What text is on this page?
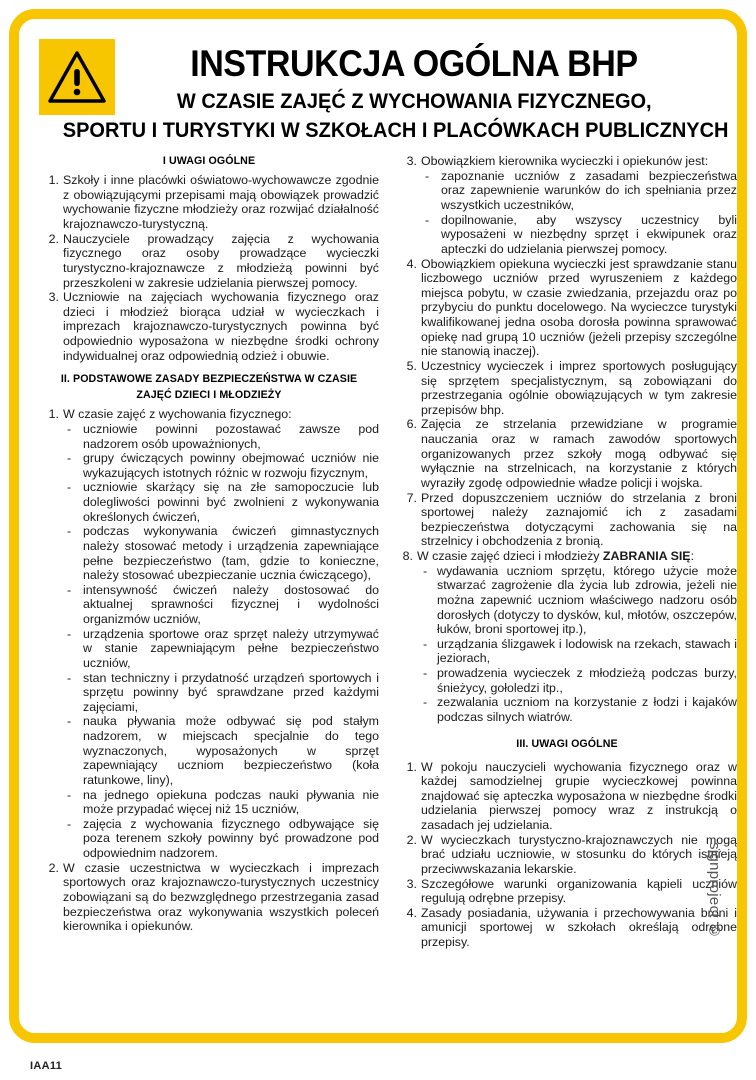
INSTRUKCJA OGÓLNA BHP
W CZASIE ZAJĘĆ Z WYCHOWANIA FIZYCZNEGO,
SPORTU I TURYSTYKI W SZKOŁACH I PLACÓWKACH PUBLICZNYCH
I UWAGI OGÓLNE
Szkoły i inne placówki oświatowo-wychowawcze zgodnie z obowiązującymi przepisami mają obowiązek prowadzić wychowanie fizyczne młodzieży oraz rozwijać działalność krajoznawczo-turystyczną.
Nauczyciele prowadzący zajęcia z wychowania fizycznego oraz osoby prowadzące wycieczki turystyczno-krajoznawcze z młodzieżą powinni być przeszkoleni w zakresie udzielania pierwszej pomocy.
Uczniowie na zajęciach wychowania fizycznego oraz dzieci i młodzież biorąca udział w wycieczkach i imprezach krajoznawczo-turystycznych powinna być odpowiednio wyposażona w niezbędne środki ochrony indywidualnej oraz odpowiednią odzież i obuwie.
II. PODSTAWOWE ZASADY BEZPIECZEŃSTWA W CZASIE
ZAJĘĆ DZIECI I MŁODZIEŻY
W czasie zajęć z wychowania fizycznego:
- uczniowie powinni pozostawać zawsze pod nadzorem osób upoważnionych,
- grupy ćwiczących powinny obejmować uczniów nie wykazujących istotnych różnic w rozwoju fizycznym,
- uczniowie skarżący się na złe samopoczucie lub dolegliwości powinni być zwolnieni z wykonywania określonych ćwiczeń,
- podczas wykonywania ćwiczeń gimnastycznych należy stosować metody i urządzenia zapewniające pełne bezpieczeństwo (tam, gdzie to konieczne, należy stosować ubezpieczanie ucznia ćwiczącego),
- intensywność ćwiczeń należy dostosować do aktualnej sprawności fizycznej i wydolności organizmów uczniów,
- urządzenia sportowe oraz sprzęt należy utrzymywać w stanie zapewniającym pełne bezpieczeństwo uczniów,
- stan techniczny i przydatność urządzeń sportowych i sprzętu powinny być sprawdzane przed każdymi zajęciami,
- nauka pływania może odbywać się pod stałym nadzorem, w miejscach specjalnie do tego wyznaczonych, wyposażonych w sprzęt zapewniający uczniom bezpieczeństwo (koła ratunkowe, liny),
- na jednego opiekuna podczas nauki pływania nie może przypadać więcej niż 15 uczniów,
- zajęcia z wychowania fizycznego odbywające się poza terenem szkoły powinny być prowadzone pod odpowiednim nadzorem.
W czasie uczestnictwa w wycieczkach i imprezach sportowych oraz krajoznawczo-turystycznych uczestnicy zobowiązani są do bezwzględnego przestrzegania zasad bezpieczeństwa oraz wykonywania wszystkich poleceń kierownika i opiekunów.
Obowiązkiem kierownika wycieczki i opiekunów jest:
- zapoznanie uczniów z zasadami bezpieczeństwa oraz zapewnienie warunków do ich spełniania przez wszystkich uczestników,
- dopilnowanie, aby wszyscy uczestnicy byli wyposażeni w niezbędny sprzęt i ekwipunek oraz apteczki do udzielania pierwszej pomocy.
Obowiązkiem opiekuna wycieczki jest sprawdzanie stanu liczbowego uczniów przed wyruszeniem z każdego miejsca pobytu, w czasie zwiedzania, przejazdu oraz po przybyciu do punktu docelowego. Na wycieczce turystyki kwalifikowanej jedna osoba dorosła powinna sprawować opiekę nad grupą 10 uczniów (jeżeli przepisy szczególne nie stanowią inaczej).
Uczestnicy wycieczek i imprez sportowych posługujący się sprzętem specjalistycznym, są zobowiązani do przestrzegania ogólnie obowiązujących w tym zakresie przepisów bhp.
Zajęcia ze strzelania przewidziane w programie nauczania oraz w ramach zawodów sportowych organizowanych przez szkoły mogą odbywać się wyłącznie na strzelnicach, na korzystanie z których wyraziły zgodę odpowiednie władze policji i wojska.
Przed dopuszczeniem uczniów do strzelania z broni sportowej należy zaznajomić ich z zasadami bezpieczeństwa dotyczącymi zachowania się na strzelnicy i obchodzenia z bronią.
W czasie zajęć dzieci i młodzieży ZABRANIA SIĘ:
- wydawania uczniom sprzętu, którego użycie może stwarzać zagrożenie dla życia lub zdrowia, jeżeli nie można zapewnić uczniom właściwego nadzoru osób dorosłych (dotyczy to dysków, kul, młotów, oszczepów, łuków, broni sportowej itp.),
- urządzania ślizgawek i lodowisk na rzekach, stawach i jeziorach,
- prowadzenia wycieczek z młodzieżą podczas burzy, śnieżycy, gołoledzi itp.,
- zezwalania uczniom na korzystanie z łodzi i kajaków podczas silnych wiatrów.
III. UWAGI OGÓLNE
W pokoju nauczycieli wychowania fizycznego oraz w każdej samodzielnej grupie wycieczkowej powinna znajdować się apteczka wyposażona w niezbędne środki udzielania pierwszej pomocy wraz z instrukcją o zasadach jej udzielania.
W wycieczkach turystyczno-krajoznawczych nie mogą brać udziału uczniowie, w stosunku do których istnieją przeciwwskazania lekarskie.
Szczegółowe warunki organizowania kąpieli uczniów regulują odrębne przepisy.
Zasady posiadania, używania i przechowywania broni i amunicji sportowej w szkołach określają odrębne przepisy.
signproject ©
IAA11
